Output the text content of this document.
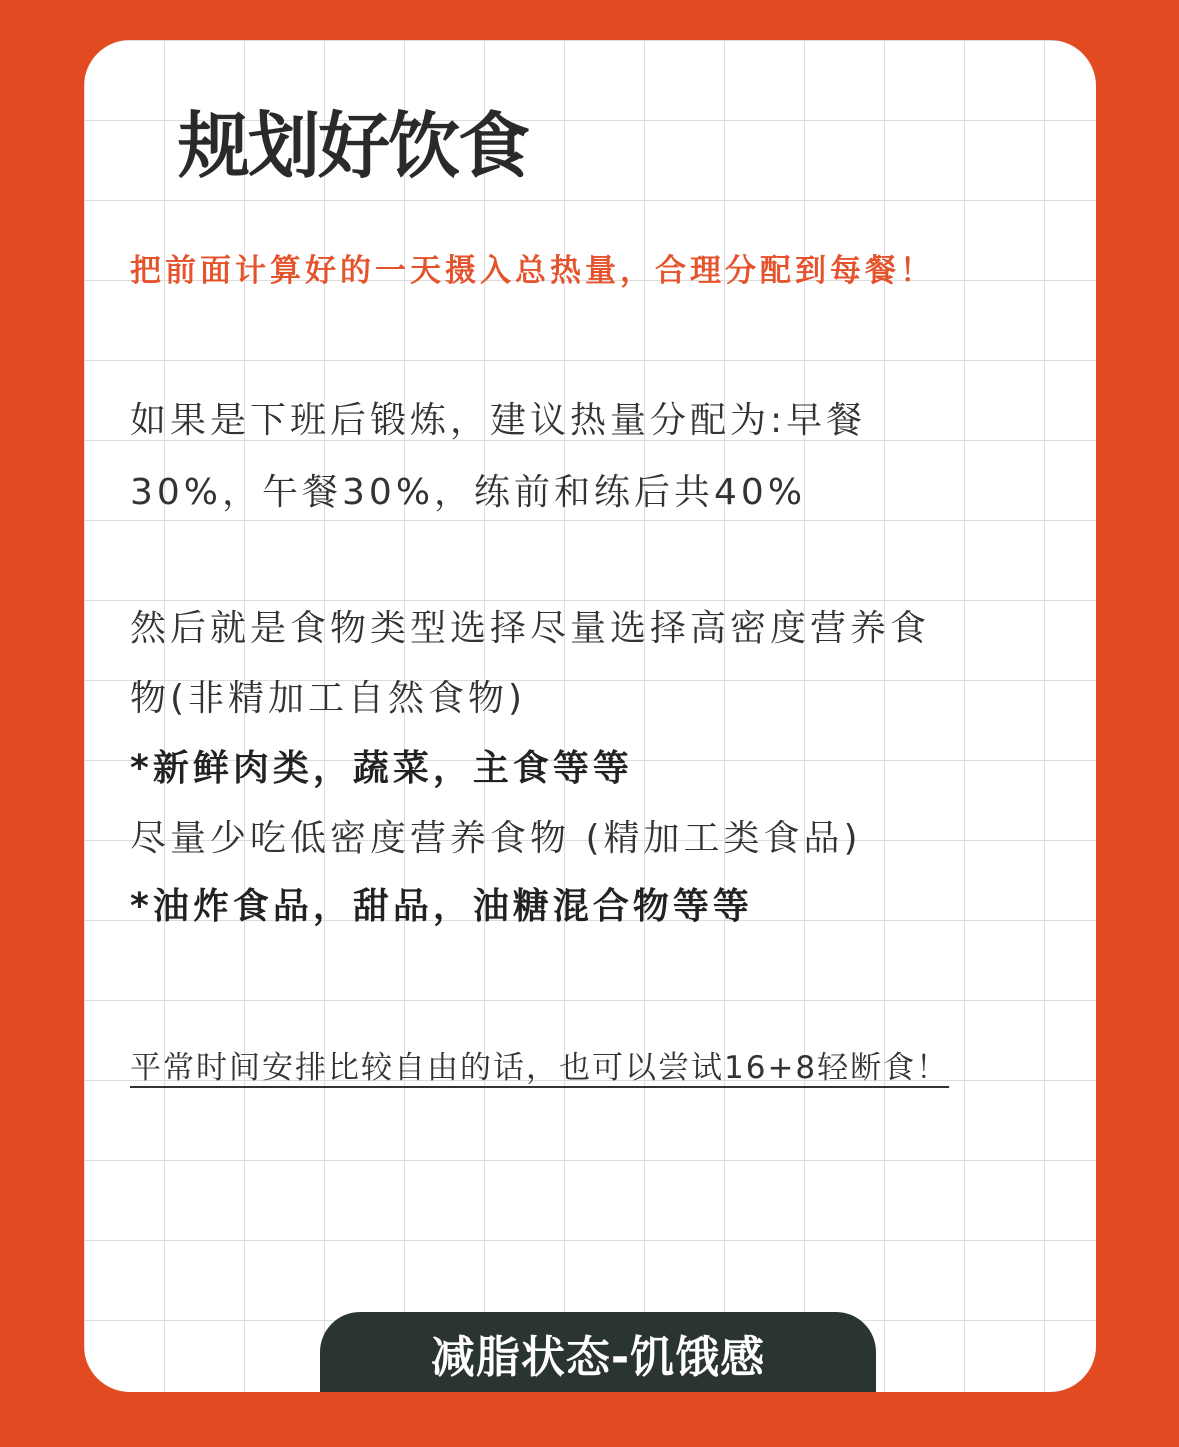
规划好饮食

把前面计算好的一天摄入总热量，合理分配到每餐！

如果是下班后锻炼，建议热量分配为:早餐

30%，午餐30%，练前和练后共40%

然后就是食物类型选择尽量选择高密度营养食

物(非精加工自然食物)

*新鲜肉类，蔬菜，主食等等

尽量少吃低密度营养食物 (精加工类食品)

*油炸食品，甜品，油糖混合物等等

平常时间安排比较自由的话，也可以尝试16+8轻断食！

减脂状态-饥饿感
